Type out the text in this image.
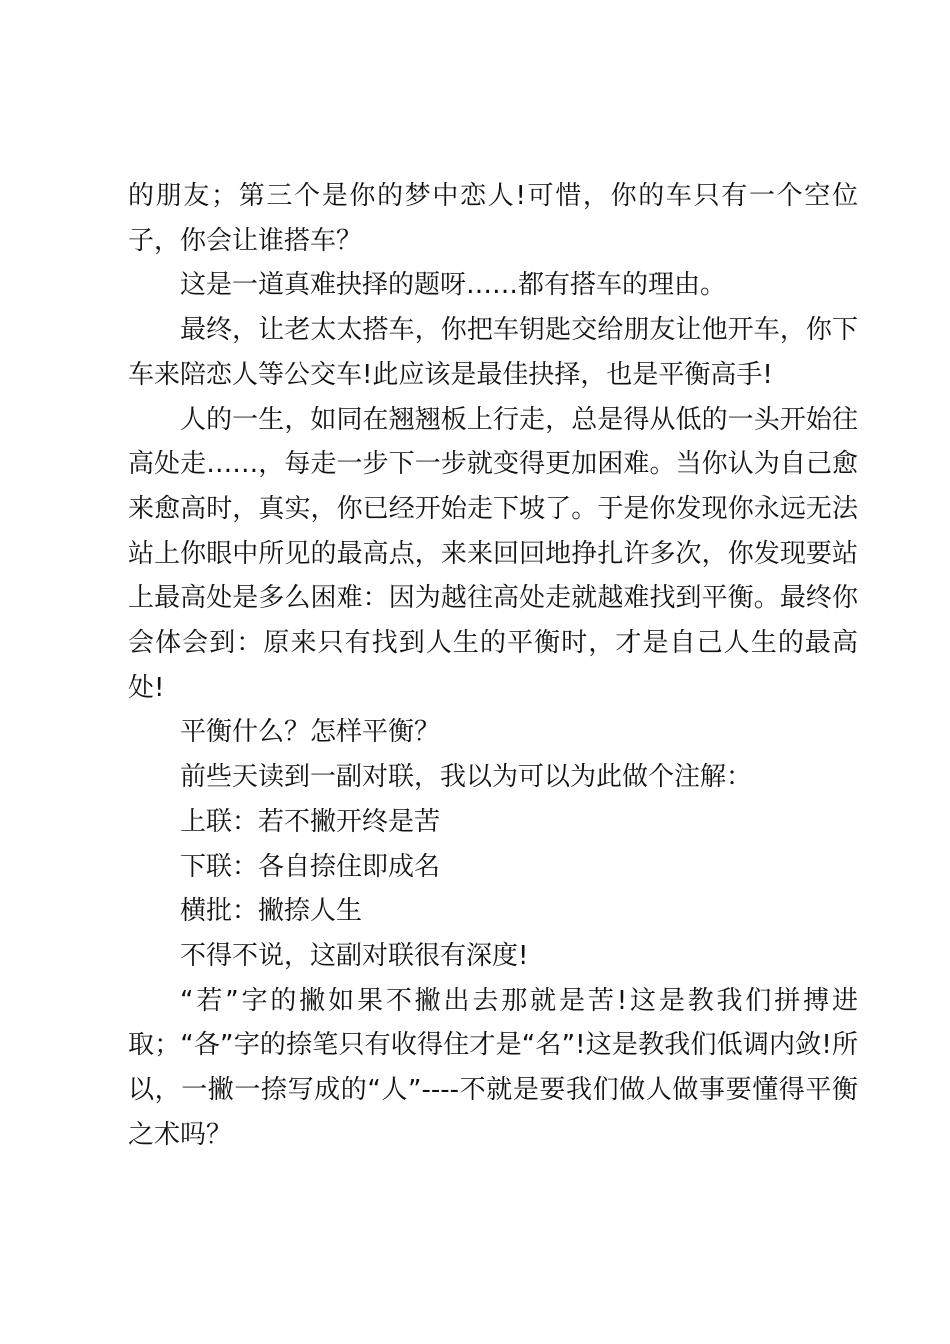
的朋友；第三个是你的梦中恋人!可惜，你的车只有一个空位子，你会让谁搭车？

这是一道真难抉择的题呀……都有搭车的理由。

最终，让老太太搭车，你把车钥匙交给朋友让他开车，你下车来陪恋人等公交车!此应该是最佳抉择，也是平衡高手!

人的一生，如同在翘翘板上行走，总是得从低的一头开始往高处走……，每走一步下一步就变得更加困难。当你认为自己愈来愈高时，真实，你已经开始走下坡了。于是你发现你永远无法站上你眼中所见的最高点，来来回回地挣扎许多次，你发现要站上最高处是多么困难：因为越往高处走就越难找到平衡。最终你会体会到：原来只有找到人生的平衡时，才是自己人生的最高处!

平衡什么？怎样平衡？

前些天读到一副对联，我以为可以为此做个注解：

上联：若不撇开终是苦

下联：各自捺住即成名

横批：撇捺人生

不得不说，这副对联很有深度!

“若”字的撇如果不撇出去那就是苦!这是教我们拼搏进取；“各”字的捺笔只有收得住才是“名”!这是教我们低调内敛!所以，一撇一捺写成的“人”----不就是要我们做人做事要懂得平衡之术吗？
